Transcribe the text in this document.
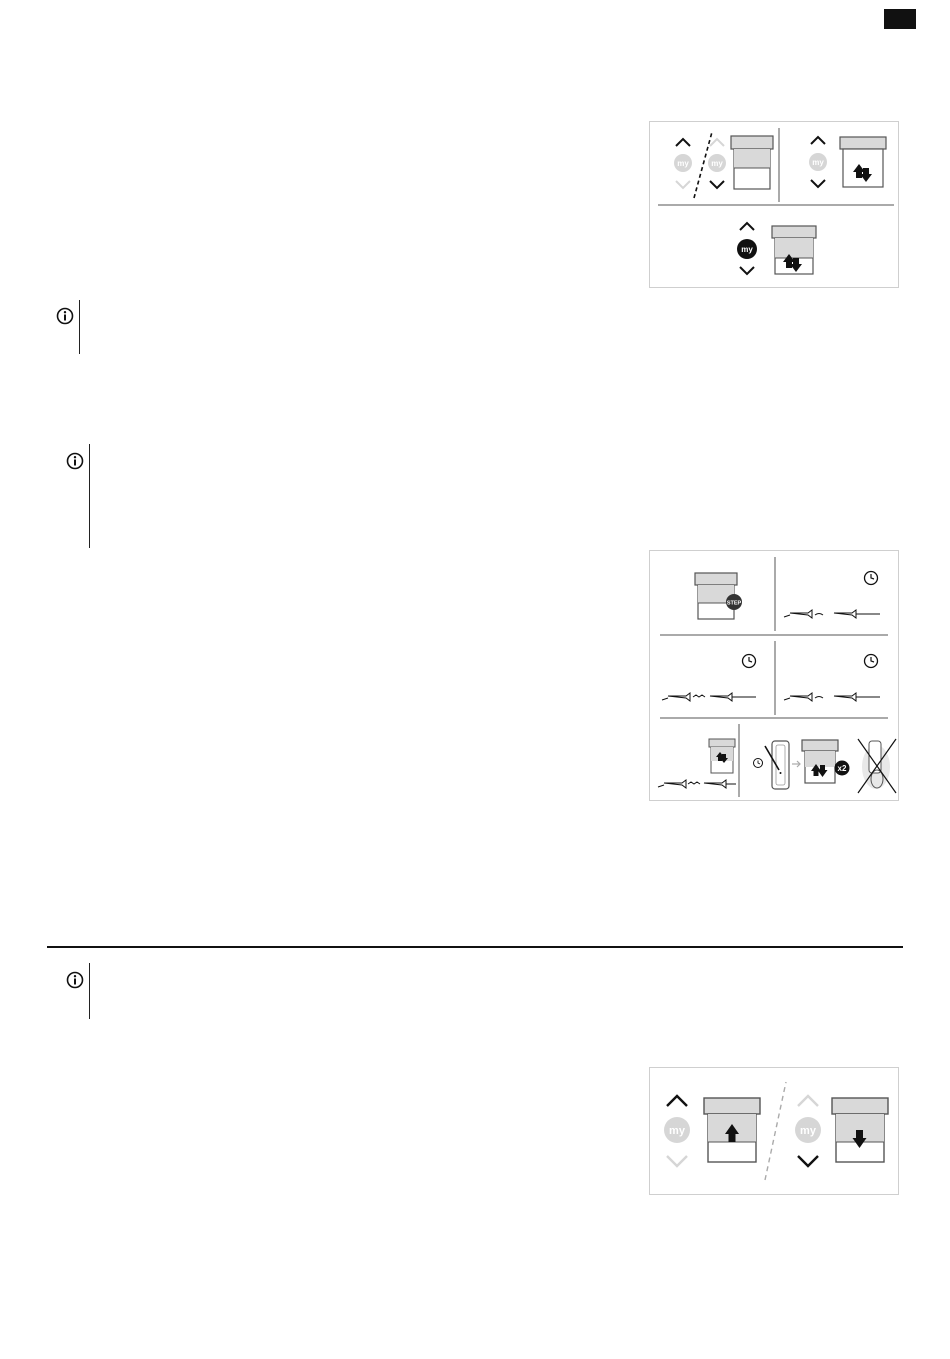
my	my	my
my
STEP
x2
my	my
